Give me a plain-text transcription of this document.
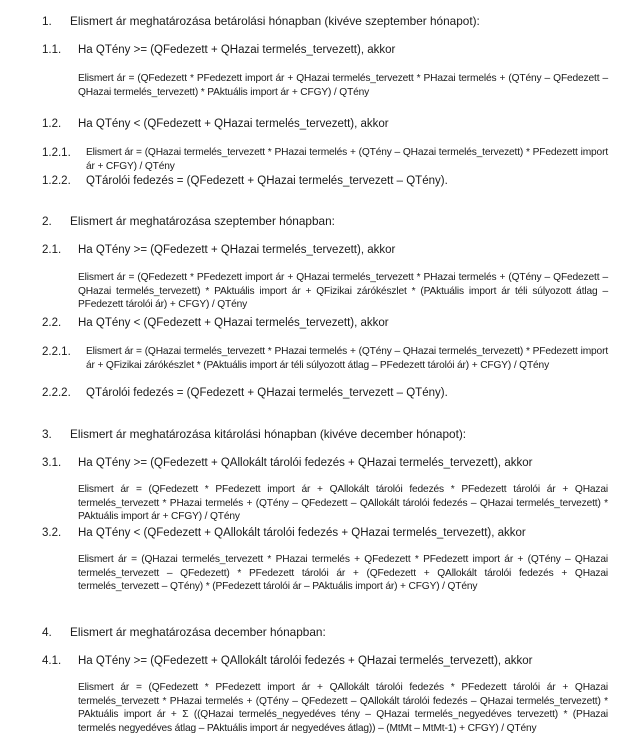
1. Elismert ár meghatározása betárolási hónapban (kivéve szeptember hónapot):
1.1. Ha QTény >= (QFedezett + QHazai termelés_tervezett), akkor
Elismert ár = (QFedezett * PFedezett import ár + QHazai termelés_tervezett * PHazai termelés + (QTény – QFedezett – QHazai termelés_tervezett) * PAktuális import ár + CFGY) / QTény
1.2. Ha QTény < (QFedezett + QHazai termelés_tervezett), akkor
1.2.1. Elismert ár = (QHazai termelés_tervezett * PHazai termelés + (QTény – QHazai termelés_tervezett) * PFedezett import ár + CFGY) / QTény
1.2.2. QTárolói fedezés = (QFedezett + QHazai termelés_tervezett – QTény).
2. Elismert ár meghatározása szeptember hónapban:
2.1. Ha QTény >= (QFedezett + QHazai termelés_tervezett), akkor
Elismert ár = (QFedezett * PFedezett import ár + QHazai termelés_tervezett * PHazai termelés + (QTény – QFedezett – QHazai termelés_tervezett) * PAktuális import ár + QFizikai zárókészlet * (PAktuális import ár téli súlyozott átlag – PFedezett tárolói ár) + CFGY) / QTény
2.2. Ha QTény < (QFedezett + QHazai termelés_tervezett), akkor
2.2.1. Elismert ár = (QHazai termelés_tervezett * PHazai termelés + (QTény – QHazai termelés_tervezett) * PFedezett import ár + QFizikai zárókészlet * (PAktuális import ár téli súlyozott átlag – PFedezett tárolói ár) + CFGY) / QTény
2.2.2. QTárolói fedezés = (QFedezett + QHazai termelés_tervezett – QTény).
3. Elismert ár meghatározása kitárolási hónapban (kivéve december hónapot):
3.1. Ha QTény >= (QFedezett + QAllokált tárolói fedezés + QHazai termelés_tervezett), akkor
Elismert ár = (QFedezett * PFedezett import ár + QAllokált tárolói fedezés * PFedezett tárolói ár + QHazai termelés_tervezett * PHazai termelés + (QTény – QFedezett – QAllokált tárolói fedezés – QHazai termelés_tervezett) * PAktuális import ár + CFGY) / QTény
3.2. Ha QTény < (QFedezett + QAllokált tárolói fedezés + QHazai termelés_tervezett), akkor
Elismert ár = (QHazai termelés_tervezett * PHazai termelés + QFedezett * PFedezett import ár + (QTény – QHazai termelés_tervezett – QFedezett) * PFedezett tárolói ár + (QFedezett + QAllokált tárolói fedezés + QHazai termelés_tervezett – QTény) * (PFedezett tárolói ár – PAktuális import ár) + CFGY) / QTény
4. Elismert ár meghatározása december hónapban:
4.1. Ha QTény >= (QFedezett + QAllokált tárolói fedezés + QHazai termelés_tervezett), akkor
Elismert ár = (QFedezett * PFedezett import ár + QAllokált tárolói fedezés * PFedezett tárolói ár + QHazai termelés_tervezett * PHazai termelés + (QTény – QFedezett – QAllokált tárolói fedezés – QHazai termelés_tervezett) * PAktuális import ár + Σ ((QHazai termelés_negyedéves tény – QHazai termelés_negyedéves tervezett) * (PHazai termelés negyedéves átlag – PAktuális import ár negyedéves átlag)) – (MtMt – MtMt-1) + CFGY) / QTény
